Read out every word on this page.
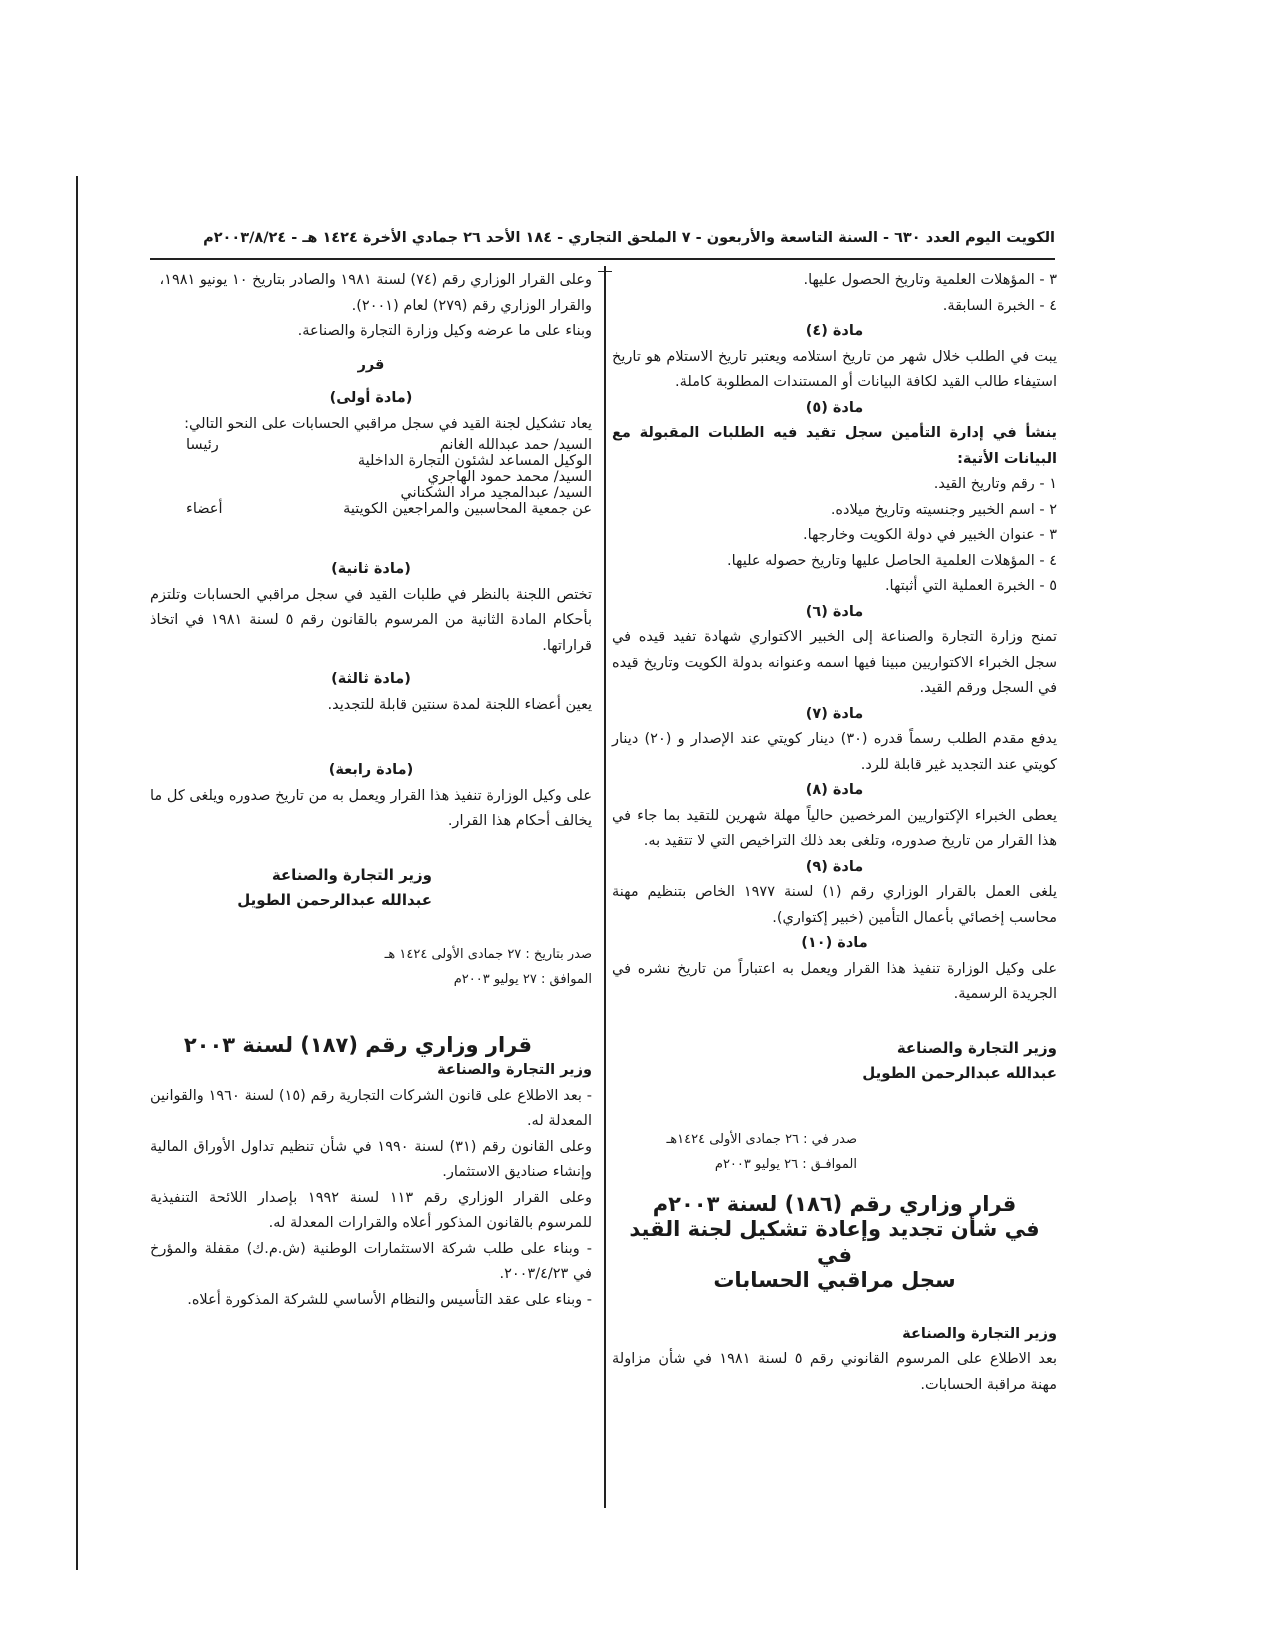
الكويت اليوم العدد ٦٣٠ - السنة التاسعة والأربعون - ٧ الملحق التجاري - ١٨٤ الأحد ٢٦ جمادي الأخرة ١٤٢٤ هـ - ٢٠٠٣/٨/٢٤م

٣ - المؤهلات العلمية وتاريخ الحصول عليها.

٤ - الخبرة السابقة.

مادة (٤)

يبت في الطلب خلال شهر من تاريخ استلامه ويعتبر تاريخ الاستلام هو تاريخ استيفاء طالب القيد لكافة البيانات أو المستندات المطلوبة كاملة.

مادة (٥)

ينشأ في إدارة التأمين سجل تقيد فيه الطلبات المقبولة مع البيانات الأتية:

١ - رقم وتاريخ القيد.

٢ - اسم الخبير وجنسيته وتاريخ ميلاده.

٣ - عنوان الخبير في دولة الكويت وخارجها.

٤ - المؤهلات العلمية الحاصل عليها وتاريخ حصوله عليها.

٥ - الخبرة العملية التي أثبتها.

مادة (٦)

تمنح وزارة التجارة والصناعة إلى الخبير الاكتواري شهادة تفيد قيده في سجل الخبراء الاكتواريين مبينا فيها اسمه وعنوانه بدولة الكويت وتاريخ قيده في السجل ورقم القيد.

مادة (٧)

يدفع مقدم الطلب رسماً قدره (٣٠) دينار كويتي عند الإصدار و (٢٠) دينار كويتي عند التجديد غير قابلة للرد.

مادة (٨)

يعطى الخبراء الإكتواريين المرخصين حالياً مهلة شهرين للتقيد بما جاء في هذا القرار من تاريخ صدوره، وتلغى بعد ذلك التراخيص التي لا تتقيد به.

مادة (٩)

يلغى العمل بالقرار الوزاري رقم (١) لسنة ١٩٧٧ الخاص بتنظيم مهنة محاسب إخصائي بأعمال التأمين (خبير إكتواري).

مادة (١٠)

على وكيل الوزارة تنفيذ هذا القرار ويعمل به اعتباراً من تاريخ نشره في الجريدة الرسمية.

وزير التجارة والصناعة

عبدالله عبدالرحمن الطويل

صدر في : ٢٦ جمادى الأولى ١٤٢٤هـ

الموافـق : ٢٦ يوليو ٢٠٠٣م

قرار وزاري رقم (١٨٦) لسنة ٢٠٠٣م

في شأن تجديد وإعادة تشكيل لجنة القيد في

سجل مراقبي الحسابات

وزير التجارة والصناعة

بعد الاطلاع على المرسوم القانوني رقم ٥ لسنة ١٩٨١ في شأن مزاولة مهنة مراقبة الحسابات.

وعلى القرار الوزاري رقم (٧٤) لسنة ١٩٨١ والصادر بتاريخ ١٠ يونيو ١٩٨١،

والقرار الوزاري رقم (٢٧٩) لعام (٢٠٠١).

وبناء على ما عرضه وكيل وزارة التجارة والصناعة.

قرر

(مادة أولى)

يعاد تشكيل لجنة القيد في سجل مراقبي الحسابات على النحو التالي:

السيد/ حمد عبدالله الغانم
رئيسا
الوكيل المساعد لشئون التجارة الداخلية
السيد/ محمد حمود الهاجري
السيد/ عبدالمجيد مراد الشكناني
عن جمعية المحاسبين والمراجعين الكويتية
أعضاء

(مادة ثانية)

تختص اللجنة بالنظر في طلبات القيد في سجل مراقبي الحسابات وتلتزم بأحكام المادة الثانية من المرسوم بالقانون رقم ٥ لسنة ١٩٨١ في اتخاذ قراراتها.

(مادة ثالثة)

يعين أعضاء اللجنة لمدة سنتين قابلة للتجديد.

(مادة رابعة)

على وكيل الوزارة تنفيذ هذا القرار ويعمل به من تاريخ صدوره ويلغى كل ما يخالف أحكام هذا القرار.

وزير التجارة والصناعة

عبدالله عبدالرحمن الطويل

صدر بتاريخ : ٢٧ جمادى الأولى ١٤٢٤ هـ

الموافق : ٢٧ يوليو ٢٠٠٣م

قرار وزاري رقم (١٨٧) لسنة ٢٠٠٣

وزير التجارة والصناعة

- بعد الاطلاع على قانون الشركات التجارية رقم (١٥) لسنة ١٩٦٠ والقوانين المعدلة له.

وعلى القانون رقم (٣١) لسنة ١٩٩٠ في شأن تنظيم تداول الأوراق المالية وإنشاء صناديق الاستثمار.

وعلى القرار الوزاري رقم ١١٣ لسنة ١٩٩٢ بإصدار اللائحة التنفيذية للمرسوم بالقانون المذكور أعلاه والقرارات المعدلة له.

- وبناء على طلب شركة الاستثمارات الوطنية (ش.م.ك) مقفلة والمؤرخ في ٢٠٠٣/٤/٢٣.

- وبناء على عقد التأسيس والنظام الأساسي للشركة المذكورة أعلاه.
